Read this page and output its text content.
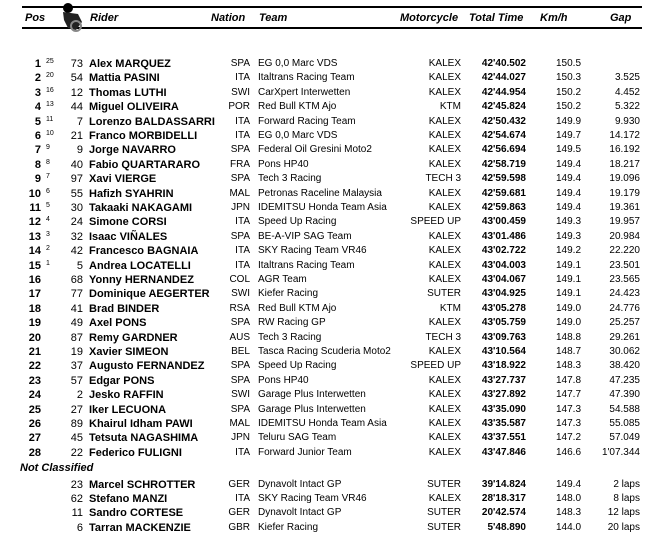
Pos	Rider	Nation Team	Motorcycle Total Time Km/h	Gap
1 25 73 Alex MARQUEZ	SPA EG 0,0 Marc VDS	KALEX 42'40.502	150.5
2 20 54 Mattia PASINI	ITA Italtrans Racing Team	KALEX 42'44.027	150.3	3.525
3 16 12 Thomas LUTHI	SWI CarXpert Interwetten	KALEX 42'44.954	150.2	4.452
4 13 44 Miguel OLIVEIRA	POR Red Bull KTM Ajo	KTM 42'45.824	150.2	5.322
5 11 7 Lorenzo BALDASSARRI ITA Forward Racing Team	KALEX 42'50.432	149.9	9.930
6 10 21 Franco MORBIDELLI	ITA EG 0,0 Marc VDS	KALEX 42'54.674	149.7	14.172
7 9 9 Jorge NAVARRO	SPA Federal Oil Gresini Moto2	KALEX 42'56.694	149.5	16.192
8 8 40 Fabio QUARTARARO	FRA Pons HP40	KALEX 42'58.719	149.4	18.217
9 7 97 Xavi VIERGE	SPA Tech 3 Racing	TECH 3 42'59.598	149.4	19.096
10 6 55 Hafizh SYAHRIN	MAL Petronas Raceline Malaysia	KALEX 42'59.681	149.4	19.179
11 5 30 Takaaki NAKAGAMI	JPN IDEMITSU Honda Team Asia	KALEX 42'59.863	149.4	19.361
12 4 24 Simone CORSI	ITA Speed Up Racing	SPEED UP 43'00.459	149.3	19.957
13 3 32 Isaac VIÑALES	SPA BE-A-VIP SAG Team	KALEX 43'01.486	149.3	20.984
14 2 42 Francesco BAGNAIA	ITA SKY Racing Team VR46	KALEX 43'02.722	149.2	22.220
15 1 5 Andrea LOCATELLI	ITA Italtrans Racing Team	KALEX 43'04.003	149.1	23.501
16	68 Yonny HERNANDEZ	COL AGR Team	KALEX 43'04.067	149.1	23.565
17	77 Dominique AEGERTER SWI Kiefer Racing	SUTER 43'04.925	149.1	24.423
18	41 Brad BINDER	RSA Red Bull KTM Ajo	KTM 43'05.278	149.0	24.776
19	49 Axel PONS	SPA RW Racing GP	KALEX 43'05.759	149.0	25.257
20	87 Remy GARDNER	AUS Tech 3 Racing	TECH 3 43'09.763	148.8	29.261
21	19 Xavier SIMEON	BEL Tasca Racing Scuderia Moto2	KALEX 43'10.564	148.7	30.062
22	37 Augusto FERNANDEZ	SPA Speed Up Racing	SPEED UP 43'18.922	148.3	38.420
23	57 Edgar PONS	SPA Pons HP40	KALEX 43'27.737	147.8	47.235
24	2 Jesko RAFFIN	SWI Garage Plus Interwetten	KALEX 43'27.892	147.7	47.390
25	27 Iker LECUONA	SPA Garage Plus Interwetten	KALEX 43'35.090	147.3	54.588
26	89 Khairul Idham PAWI	MAL IDEMITSU Honda Team Asia	KALEX 43'35.587	147.3	55.085
27	45 Tetsuta NAGASHIMA	JPN Teluru SAG Team	KALEX 43'37.551	147.2	57.049
28	22 Federico FULIGNI	ITA Forward Junior Team	KALEX 43'47.846	146.6 1'07.344
Not Classified
23 Marcel SCHROTTER	GER Dynavolt Intact GP	SUTER 39'14.824	149.4	2 laps
62 Stefano MANZI	ITA SKY Racing Team VR46	KALEX 28'18.317	148.0	8 laps
11 Sandro CORTESE	GER Dynavolt Intact GP	SUTER 20'42.574	148.3	12 laps
6 Tarran MACKENZIE	GBR Kiefer Racing	SUTER	5'48.890	144.0	20 laps
